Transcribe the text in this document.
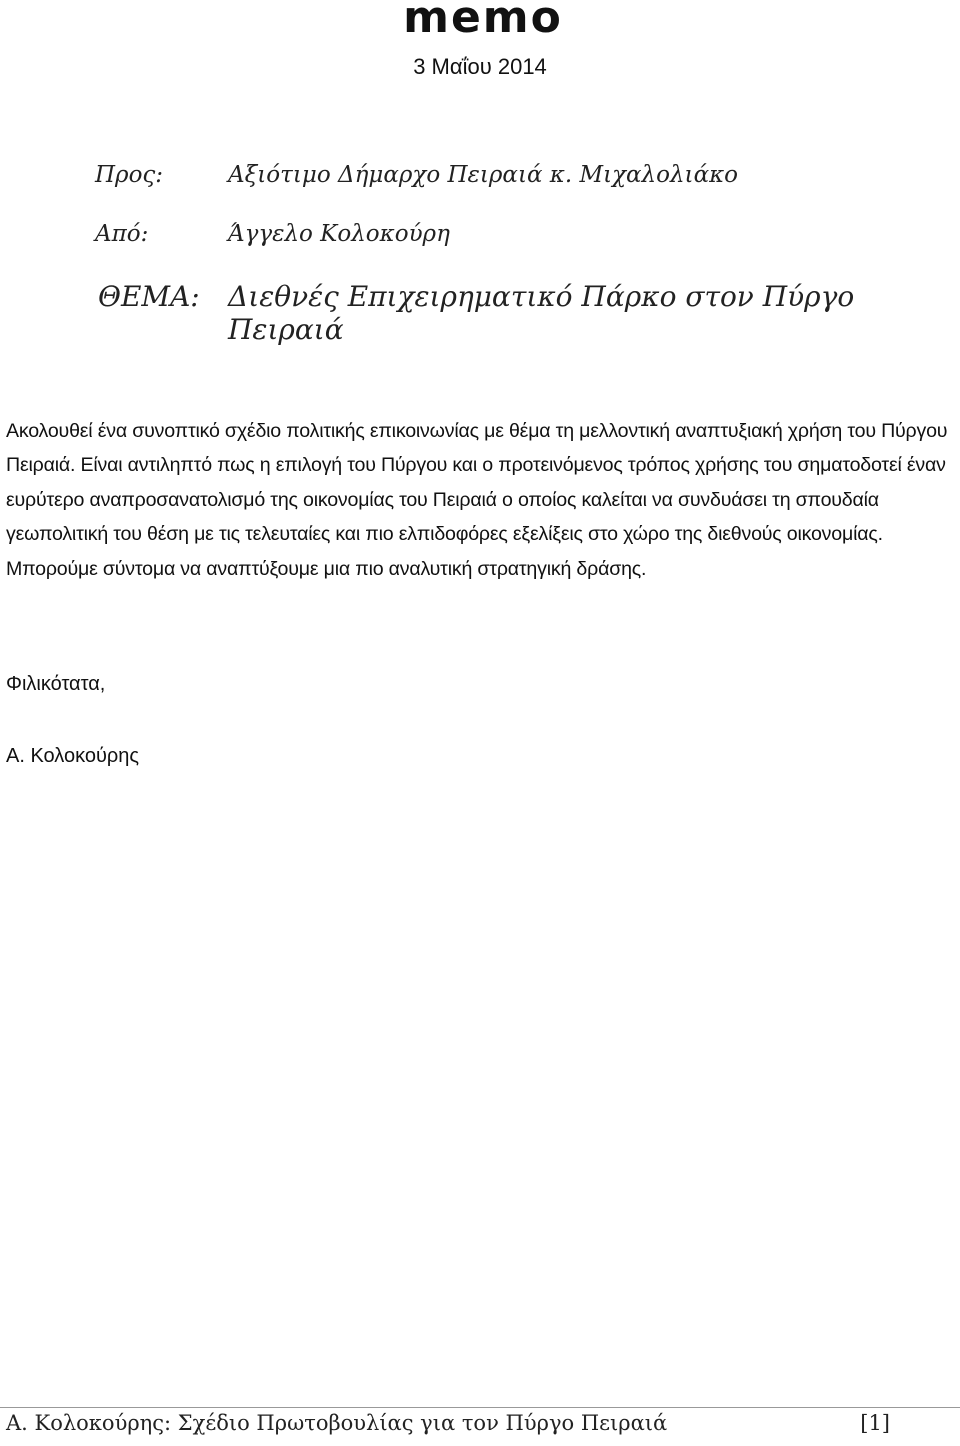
memo
3 Μαΐου 2014
Προς:	Αξιότιμο Δήμαρχο Πειραιά κ. Μιχαλολιάκο
Από:	Άγγελο Κολοκούρη
ΘΕΜΑ: Διεθνές Επιχειρηματικό Πάρκο στον Πύργο Πειραιά
Ακολουθεί ένα συνοπτικό σχέδιο πολιτικής επικοινωνίας με θέμα τη μελλοντική αναπτυξιακή χρήση του Πύργου Πειραιά. Είναι αντιληπτό πως η επιλογή του Πύργου και ο προτεινόμενος τρόπος χρήσης του σηματοδοτεί έναν ευρύτερο αναπροσανατολισμό της οικονομίας του Πειραιά ο οποίος καλείται να συνδυάσει τη σπουδαία γεωπολιτική του θέση με τις τελευταίες και πιο ελπιδοφόρες εξελίξεις στο χώρο της διεθνούς οικονομίας. Μπορούμε σύντομα να αναπτύξουμε μια πιο αναλυτική στρατηγική δράσης.
Φιλικότατα,
Α. Κολοκούρης
Α. Κολοκούρης: Σχέδιο Πρωτοβουλίας για τον Πύργο Πειραιά	[1]
